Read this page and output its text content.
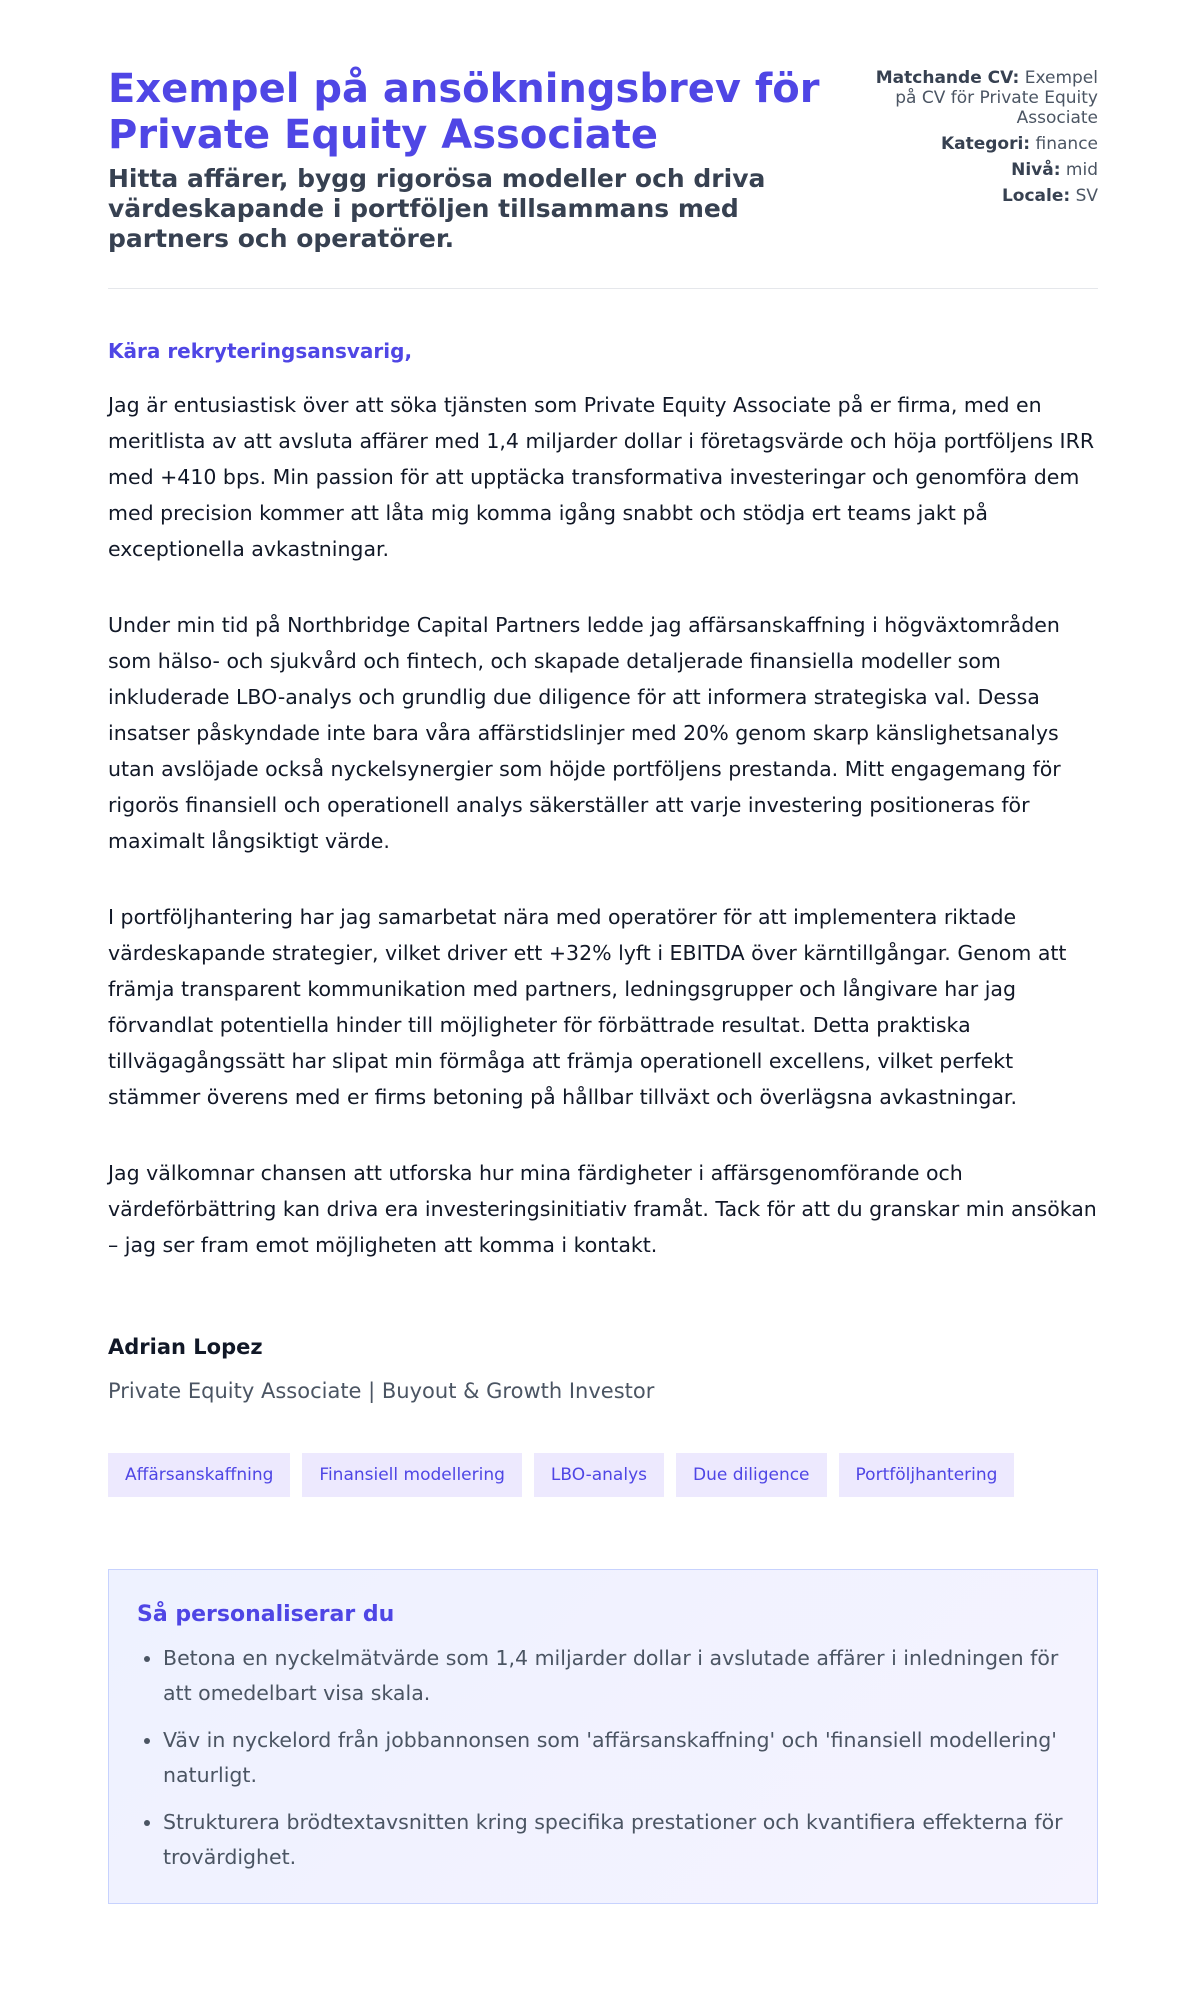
Exempel på ansökningsbrev för Private Equity Associate
Hitta affärer, bygg rigorösa modeller och driva värdeskapande i portföljen tillsammans med partners och operatörer.
Matchande CV: Exempel på CV för Private Equity Associate
Kategori: finance
Nivå: mid
Locale: SV
Kära rekryteringsansvarig,

Jag är entusiastisk över att söka tjänsten som Private Equity Associate på er firma, med en meritlista av att avsluta affärer med 1,4 miljarder dollar i företagsvärde och höja portföljens IRR med +410 bps. Min passion för att upptäcka transformativa investeringar och genomföra dem med precision kommer att låta mig komma igång snabbt och stödja ert teams jakt på exceptionella avkastningar.

Under min tid på Northbridge Capital Partners ledde jag affärsanskaffning i högväxtområden som hälso- och sjukvård och fintech, och skapade detaljerade finansiella modeller som inkluderade LBO-analys och grundlig due diligence för att informera strategiska val. Dessa insatser påskyndade inte bara våra affärstidslinjer med 20% genom skarp känslighetsanalys utan avslöjade också nyckelsynergier som höjde portföljens prestanda. Mitt engagemang för rigorös finansiell och operationell analys säkerställer att varje investering positioneras för maximalt långsiktigt värde.

I portföljhantering har jag samarbetat nära med operatörer för att implementera riktade värdeskapande strategier, vilket driver ett +32% lyft i EBITDA över kärntillgångar. Genom att främja transparent kommunikation med partners, ledningsgrupper och långivare har jag förvandlat potentiella hinder till möjligheter för förbättrade resultat. Detta praktiska tillvägagångssätt har slipat min förmåga att främja operationell excellens, vilket perfekt stämmer överens med er firms betoning på hållbar tillväxt och överlägsna avkastningar.

Jag välkomnar chansen att utforska hur mina färdigheter i affärsgenomförande och värdeförbättring kan driva era investeringsinitiativ framåt. Tack för att du granskar min ansökan – jag ser fram emot möjligheten att komma i kontakt.

Adrian Lopez
Private Equity Associate | Buyout & Growth Investor
Affärsanskaffning	Finansiell modellering	LBO-analys	Due diligence	Portföljhantering
Så personaliserar du
• Betona en nyckelmätvärde som 1,4 miljarder dollar i avslutade affärer i inledningen för att omedelbart visa skala.
• Väv in nyckelord från jobbannonsen som 'affärsanskaffning' och 'finansiell modellering' naturligt.
• Strukturera brödtextavsnitten kring specifika prestationer och kvantifiera effekterna för trovärdighet.
